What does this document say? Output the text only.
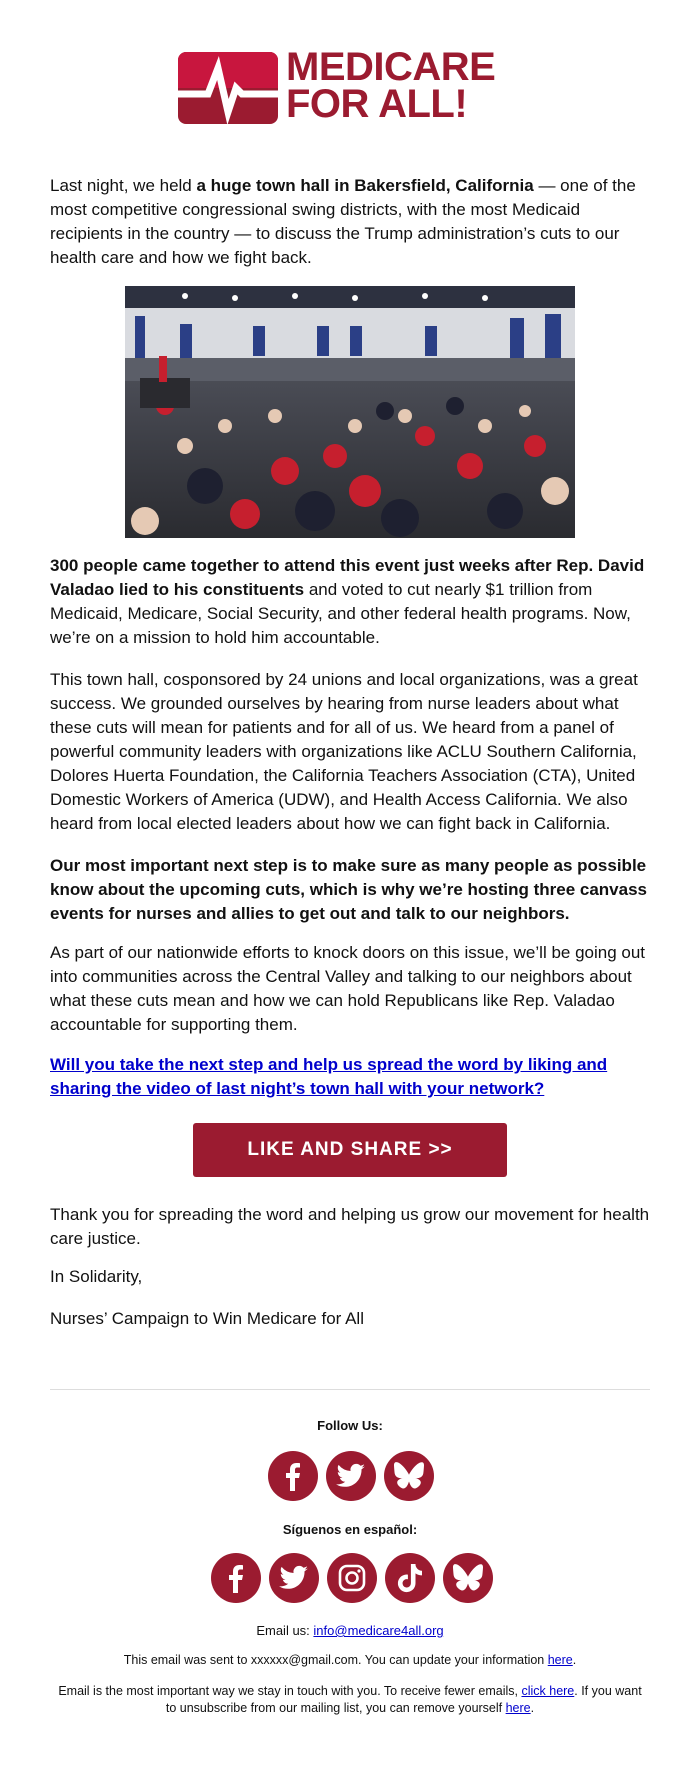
MEDICARE
FOR ALL!

Last night, we held a huge town hall in Bakersfield, California — one of the most competitive congressional swing districts, with the most Medicaid recipients in the country — to discuss the Trump administration’s cuts to our health care and how we fight back.

300 people came together to attend this event just weeks after Rep. David Valadao lied to his constituents and voted to cut nearly $1 trillion from Medicaid, Medicare, Social Security, and other federal health programs. Now, we’re on a mission to hold him accountable.

This town hall, cosponsored by 24 unions and local organizations, was a great success. We grounded ourselves by hearing from nurse leaders about what these cuts will mean for patients and for all of us. We heard from a panel of powerful community leaders with organizations like ACLU Southern California, Dolores Huerta Foundation, the California Teachers Association (CTA), United Domestic Workers of America (UDW), and Health Access California. We also heard from local elected leaders about how we can fight back in California.

Our most important next step is to make sure as many people as possible know about the upcoming cuts, which is why we’re hosting three canvass events for nurses and allies to get out and talk to our neighbors.

As part of our nationwide efforts to knock doors on this issue, we’ll be going out into communities across the Central Valley and talking to our neighbors about what these cuts mean and how we can hold Republicans like Rep. Valadao accountable for supporting them.

Will you take the next step and help us spread the word by liking and sharing the video of last night’s town hall with your network?

LIKE AND SHARE >>

Thank you for spreading the word and helping us grow our movement for health care justice.

In Solidarity,

Nurses’ Campaign to Win Medicare for All

Follow Us:
Síguenos en español:
Email us: info@medicare4all.org
This email was sent to xxxxxx@gmail.com. You can update your information here.
Email is the most important way we stay in touch with you. To receive fewer emails, click here. If you want to unsubscribe from our mailing list, you can remove yourself here.
